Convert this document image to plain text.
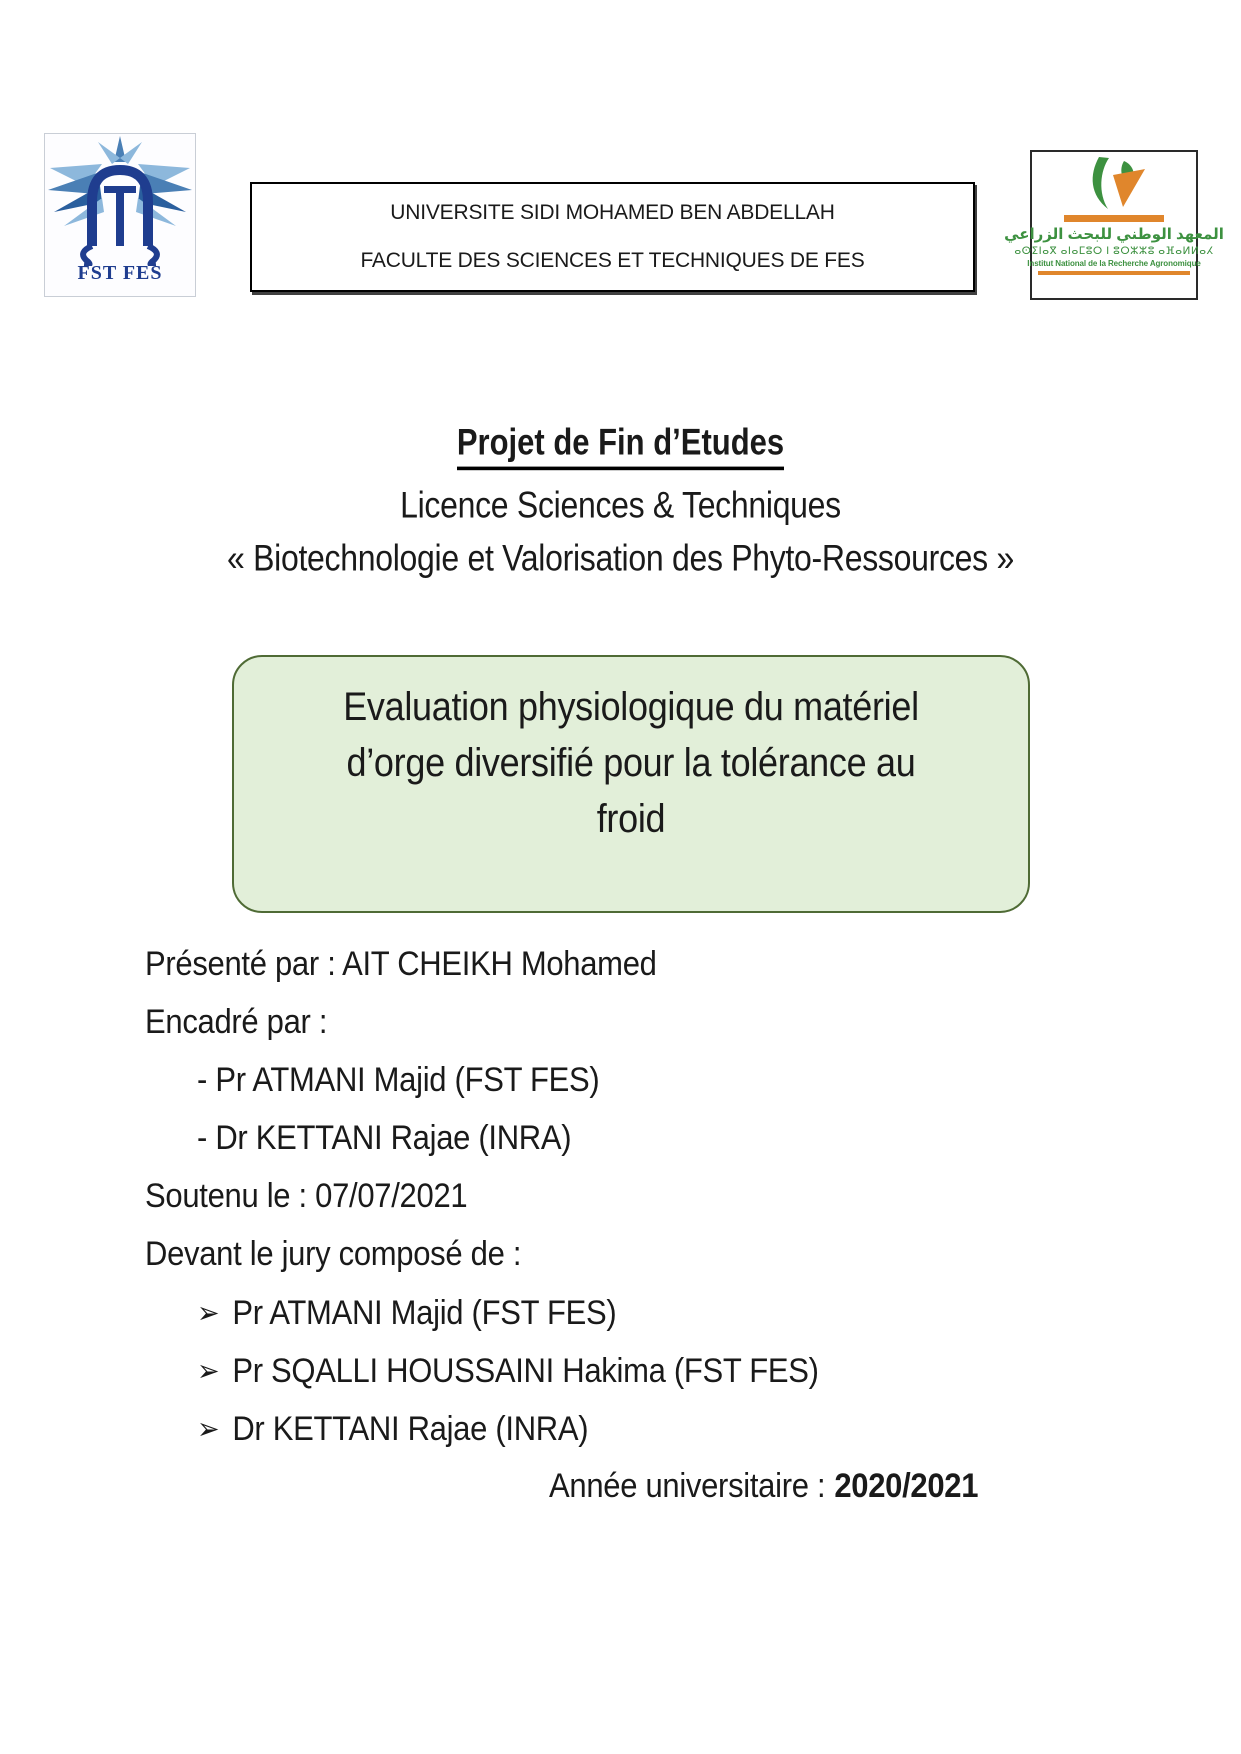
FST FES
UNIVERSITE SIDI MOHAMED BEN ABDELLAH
FACULTE DES SCIENCES ET TECHNIQUES DE FES
المعهد الوطني للبحث الزراعي
ⴰⵙⵉⵏⴰⴳ ⴰⵏⴰⵎⵓⵔ ⵏ ⵓⵔⵣⵣⵓ ⴰⴼⴰⵍⵍⴰⵃ
Institut National de la Recherche Agronomique
Projet de Fin d’Etudes
Licence Sciences & Techniques
« Biotechnologie et Valorisation des Phyto-Ressources »
Evaluation physiologique du matériel
d’orge diversifié pour la tolérance au
froid
Présenté par : AIT CHEIKH Mohamed
Encadré par :
- Pr ATMANI Majid (FST FES)
- Dr KETTANI Rajae (INRA)
Soutenu le : 07/07/2021
Devant le jury composé de :
➢ Pr ATMANI Majid (FST FES)
➢ Pr SQALLI HOUSSAINI Hakima (FST FES)
➢ Dr KETTANI Rajae (INRA)
Année universitaire : 2020/2021
